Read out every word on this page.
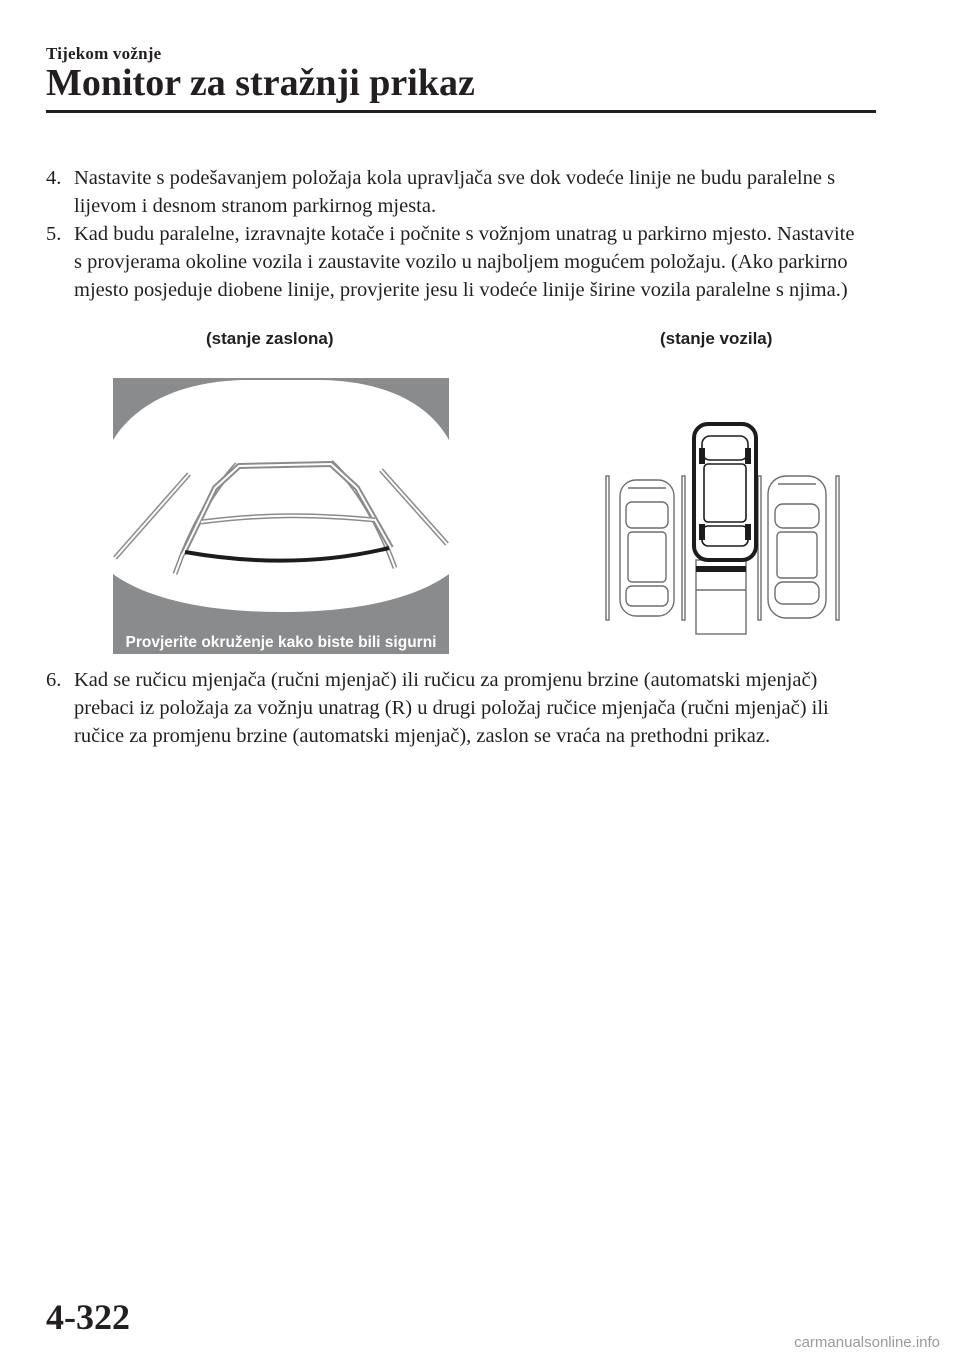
Tijekom vožnje
Monitor za stražnji prikaz
4. Nastavite s podešavanjem položaja kola upravljača sve dok vodeće linije ne budu paralelne s lijevom i desnom stranom parkirnog mjesta.
5. Kad budu paralelne, izravnajte kotače i počnite s vožnjom unatrag u parkirno mjesto. Nastavite s provjerama okoline vozila i zaustavite vozilo u najboljem mogućem položaju. (Ako parkirno mjesto posjeduje diobene linije, provjerite jesu li vodeće linije širine vozila paralelne s njima.)
(stanje zaslona)	(stanje vozila)
Provjerite okruženje kako biste bili sigurni
6. Kad se ručicu mjenjača (ručni mjenjač) ili ručicu za promjenu brzine (automatski mjenjač) prebaci iz položaja za vožnju unatrag (R) u drugi položaj ručice mjenjača (ručni mjenjač) ili ručice za promjenu brzine (automatski mjenjač), zaslon se vraća na prethodni prikaz.
4-322
carmanualsonline.info
